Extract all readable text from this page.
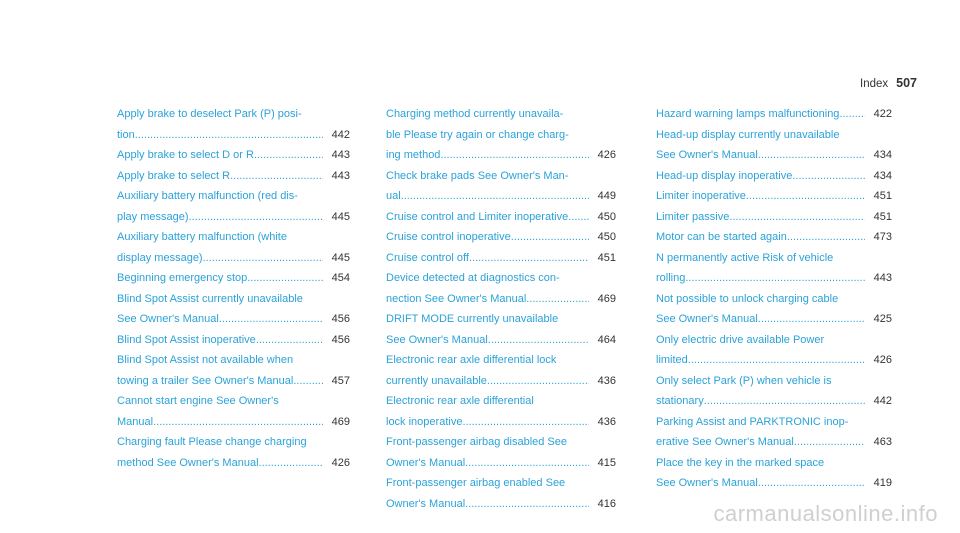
Index 507
Apply brake to deselect Park (P) posi-
tion .....	442
Apply brake to select D or R .....	443
Apply brake to select R .....	443
Auxiliary battery malfunction (red dis-
play message) .....	445
Auxiliary battery malfunction (white
display message) .....	445
Beginning emergency stop .....	454
Blind Spot Assist currently unavailable
See Owner's Manual .....	456
Blind Spot Assist inoperative .....	456
Blind Spot Assist not available when
towing a trailer See Owner's Manual .....	457
Cannot start engine See Owner's
Manual .....	469
Charging fault Please change charging
method See Owner's Manual .....	426
Charging method currently unavaila-
ble Please try again or change charg-
ing method .....	426
Check brake pads See Owner's Man-
ual .....	449
Cruise control and Limiter inoperative .....	450
Cruise control inoperative .....	450
Cruise control off .....	451
Device detected at diagnostics con-
nection See Owner's Manual .....	469
DRIFT MODE currently unavailable
See Owner's Manual .....	464
Electronic rear axle differential lock
currently unavailable .....	436
Electronic rear axle differential
lock inoperative .....	436
Front-passenger airbag disabled See
Owner's Manual .....	415
Front-passenger airbag enabled See
Owner's Manual .....	416
Hazard warning lamps malfunctioning .....	422
Head-up display currently unavailable
See Owner's Manual .....	434
Head-up display inoperative .....	434
Limiter inoperative .....	451
Limiter passive .....	451
Motor can be started again .....	473
N permanently active Risk of vehicle
rolling .....	443
Not possible to unlock charging cable
See Owner's Manual .....	425
Only electric drive available Power
limited .....	426
Only select Park (P) when vehicle is
stationary .....	442
Parking Assist and PARKTRONIC inop-
erative See Owner's Manual .....	463
Place the key in the marked space
See Owner's Manual .....	419
carmanualsonline.info
